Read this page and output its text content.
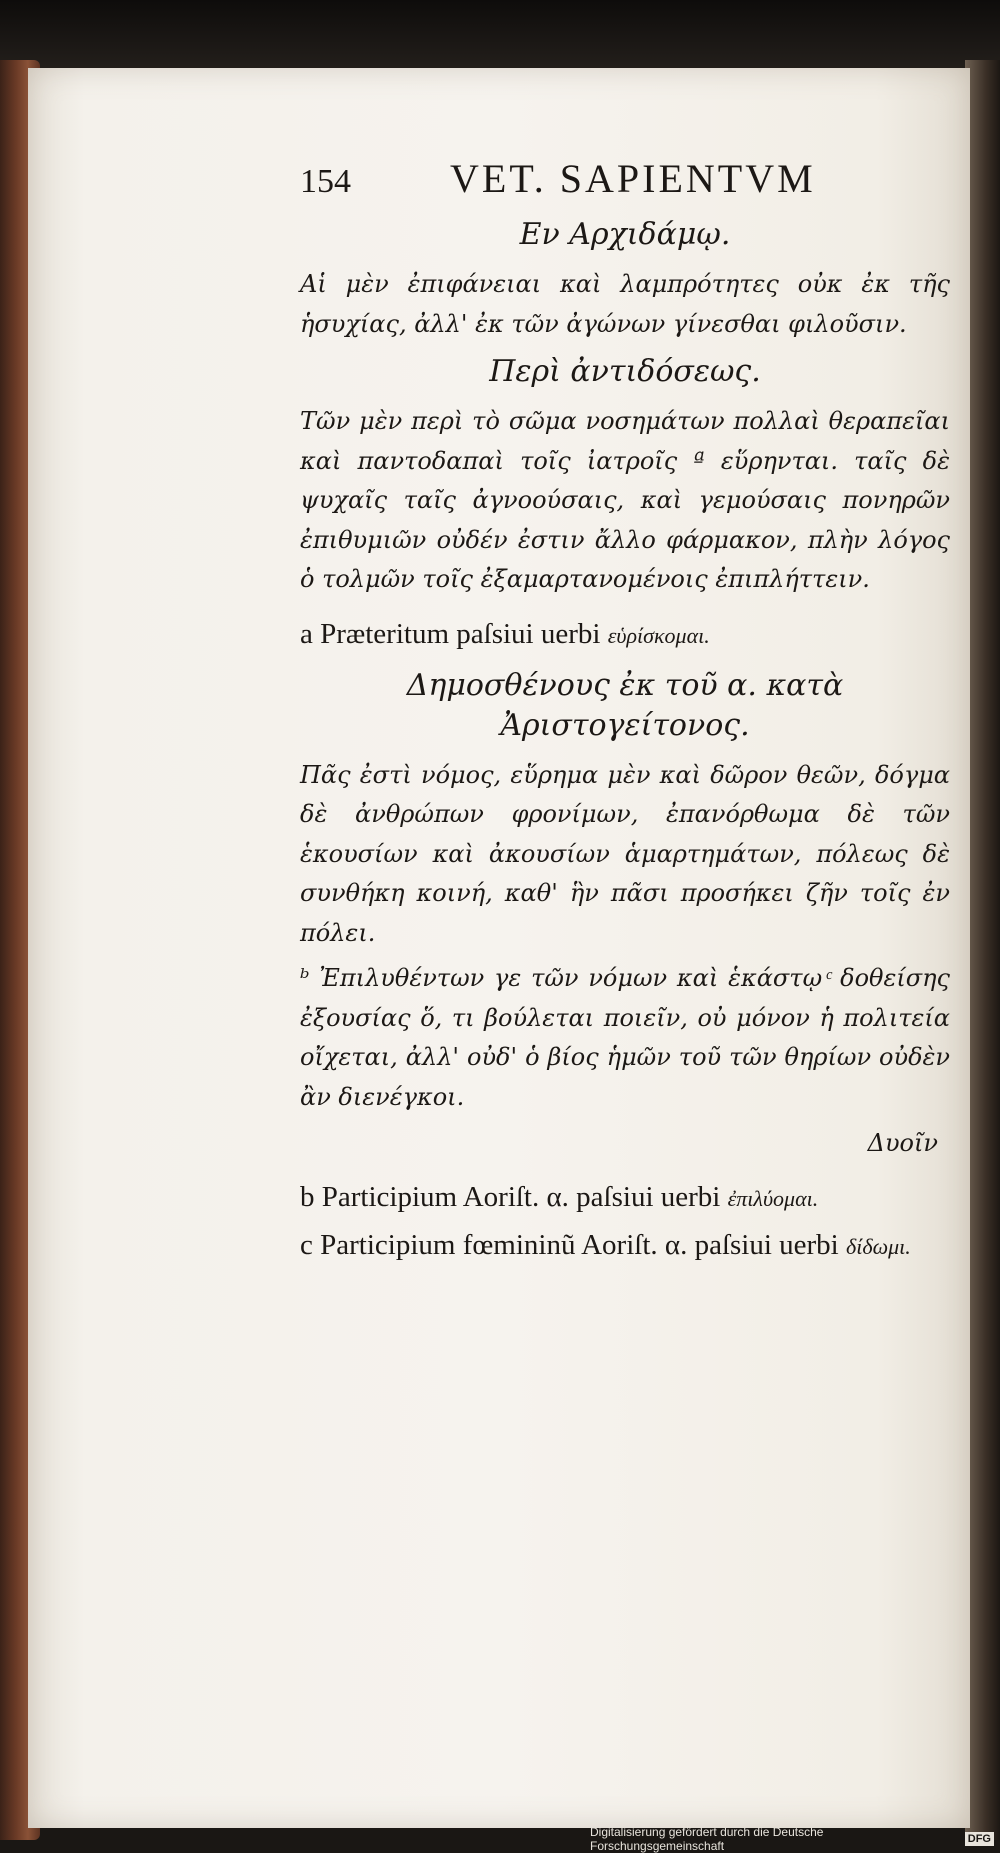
154	VET. SAPIENTVM
Εν Αρχιδάμῳ.

Αἱ μὲν ἐπιφάνειαι καὶ λαμπρότητες οὐκ ἐκ τῆς ἡσυχίας, ἀλλ' ἐκ τῶν ἀγώνων γίνεσθαι φιλοῦσιν.

Περὶ ἀντιδόσεως.

Τῶν μὲν περὶ τὸ σῶμα νοσημάτων πολλαὶ θεραπεῖαι καὶ παντοδαπαὶ τοῖς ἰατροῖς ª εὕρηνται. ταῖς δὲ ψυχαῖς ταῖς ἀγνοούσαις, καὶ γεμούσαις πονηρῶν ἐπιθυμιῶν οὐδέν ἐστιν ἄλλο φάρμακον, πλὴν λόγος ὁ τολμῶν τοῖς ἐξαμαρτανομένοις ἐπιπλήττειν.

a Præteritum paſsiui uerbi εὑρίσκομαι.
Δημοσθένους ἐκ τοῦ α. κατὰ Ἀριστογείτονος.

Πᾶς ἐστὶ νόμος, εὕρημα μὲν καὶ δῶρον θεῶν, δόγμα δὲ ἀνθρώπων φρονίμων, ἐπανόρθωμα δὲ τῶν ἑκουσίων καὶ ἀκουσίων ἁμαρτημάτων, πόλεως δὲ συνθήκη κοινή, καθ' ἣν πᾶσι προσήκει ζῆν τοῖς ἐν πόλει.

ᵇ Ἐπιλυθέντων γε τῶν νόμων καὶ ἑκάστῳ ͨ δοθείσης ἐξουσίας ὅ, τι βούλεται ποιεῖν, οὐ μόνον ἡ πολιτεία οἴχεται, ἀλλ' οὐδ' ὁ βίος ἡμῶν τοῦ τῶν θηρίων οὐδὲν ἂν διενέγκοι.

Δυοῖν
b Participium Aoriſt. α. paſsiui uerbi ἐπιλύομαι.
c Participium fœmininũ Aoriſt. α. paſsiui uerbi δίδωμι.
Digitalisierung gefördert durch die Deutsche Forschungsgemeinschaft	DFG
